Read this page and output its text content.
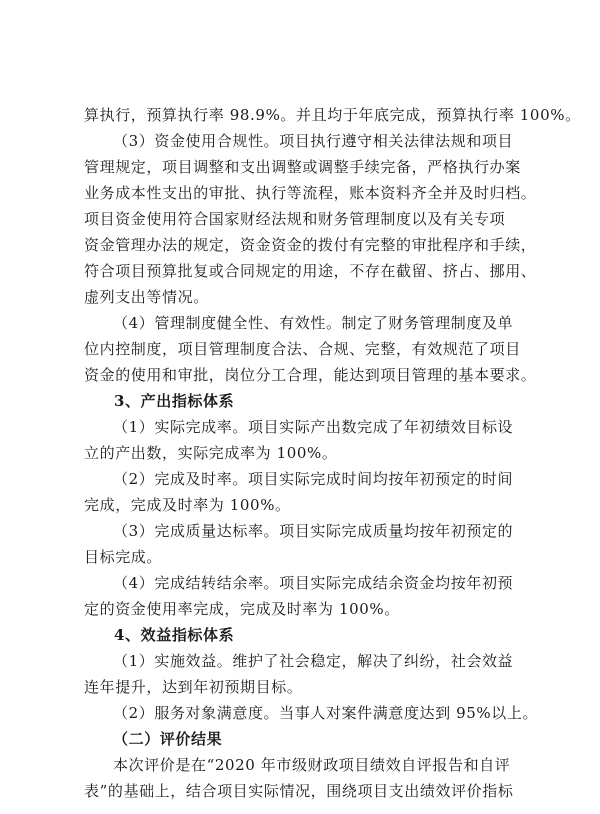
算执行，预算执行率 98.9%。并且均于年底完成，预算执行率 100%。
（3）资金使用合规性。项目执行遵守相关法律法规和项目
管理规定，项目调整和支出调整或调整手续完备，严格执行办案
业务成本性支出的审批、执行等流程，账本资料齐全并及时归档。
项目资金使用符合国家财经法规和财务管理制度以及有关专项
资金管理办法的规定，资金资金的拨付有完整的审批程序和手续，
符合项目预算批复或合同规定的用途，不存在截留、挤占、挪用、
虚列支出等情况。
（4）管理制度健全性、有效性。制定了财务管理制度及单
位内控制度，项目管理制度合法、合规、完整，有效规范了项目
资金的使用和审批，岗位分工合理，能达到项目管理的基本要求。
3、产出指标体系
（1）实际完成率。项目实际产出数完成了年初绩效目标设
立的产出数，实际完成率为 100%。
（2）完成及时率。项目实际完成时间均按年初预定的时间
完成，完成及时率为 100%。
（3）完成质量达标率。项目实际完成质量均按年初预定的
目标完成。
（4）完成结转结余率。项目实际完成结余资金均按年初预
定的资金使用率完成，完成及时率为 100%。
4、效益指标体系
（1）实施效益。维护了社会稳定，解决了纠纷，社会效益
连年提升，达到年初预期目标。
（2）服务对象满意度。当事人对案件满意度达到 95%以上。
（二）评价结果
本次评价是在“2020 年市级财政项目绩效自评报告和自评
表”的基础上，结合项目实际情况，围绕项目支出绩效评价指标
